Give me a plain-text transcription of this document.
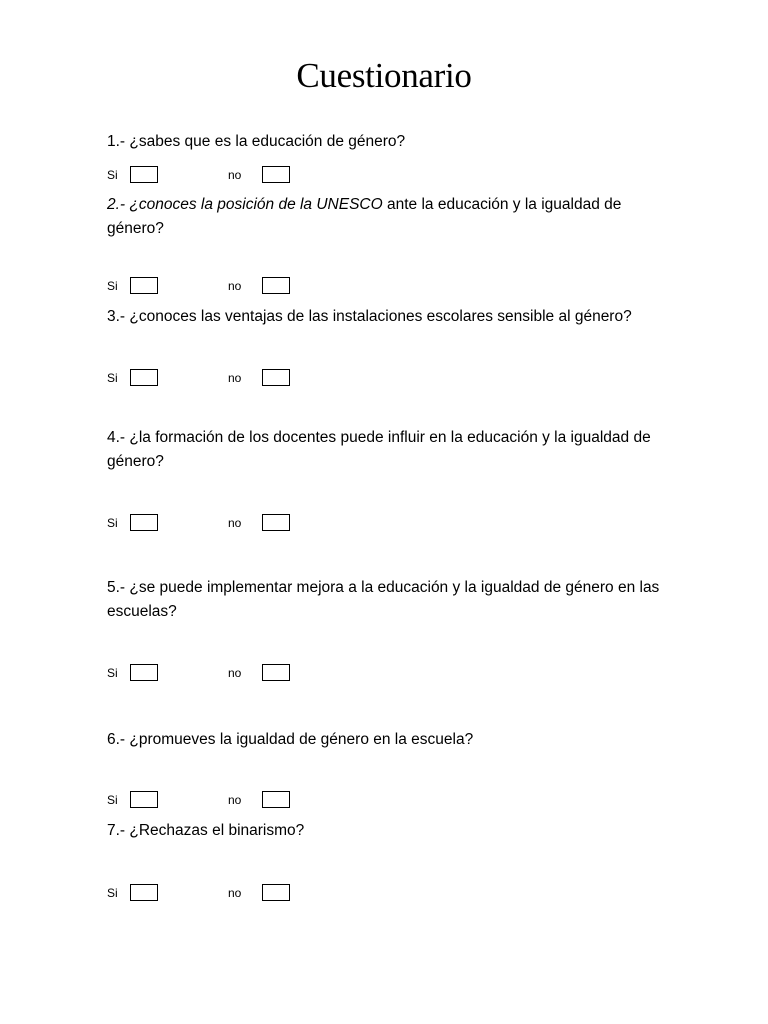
Cuestionario
1.- ¿sabes que es la educación de género?
Si	no
2.- ¿conoces la posición de la UNESCO ante la educación y la igualdad de género?
Si	no
3.- ¿conoces las ventajas de las instalaciones escolares sensible al género?
Si	no
4.- ¿la formación de los docentes puede influir en la educación y la igualdad de género?
Si	no
5.- ¿se puede implementar mejora a la educación y la igualdad de género en las escuelas?
Si	no
6.- ¿promueves la igualdad de género en la escuela?
Si	no
7.- ¿Rechazas el binarismo?
Si	no
